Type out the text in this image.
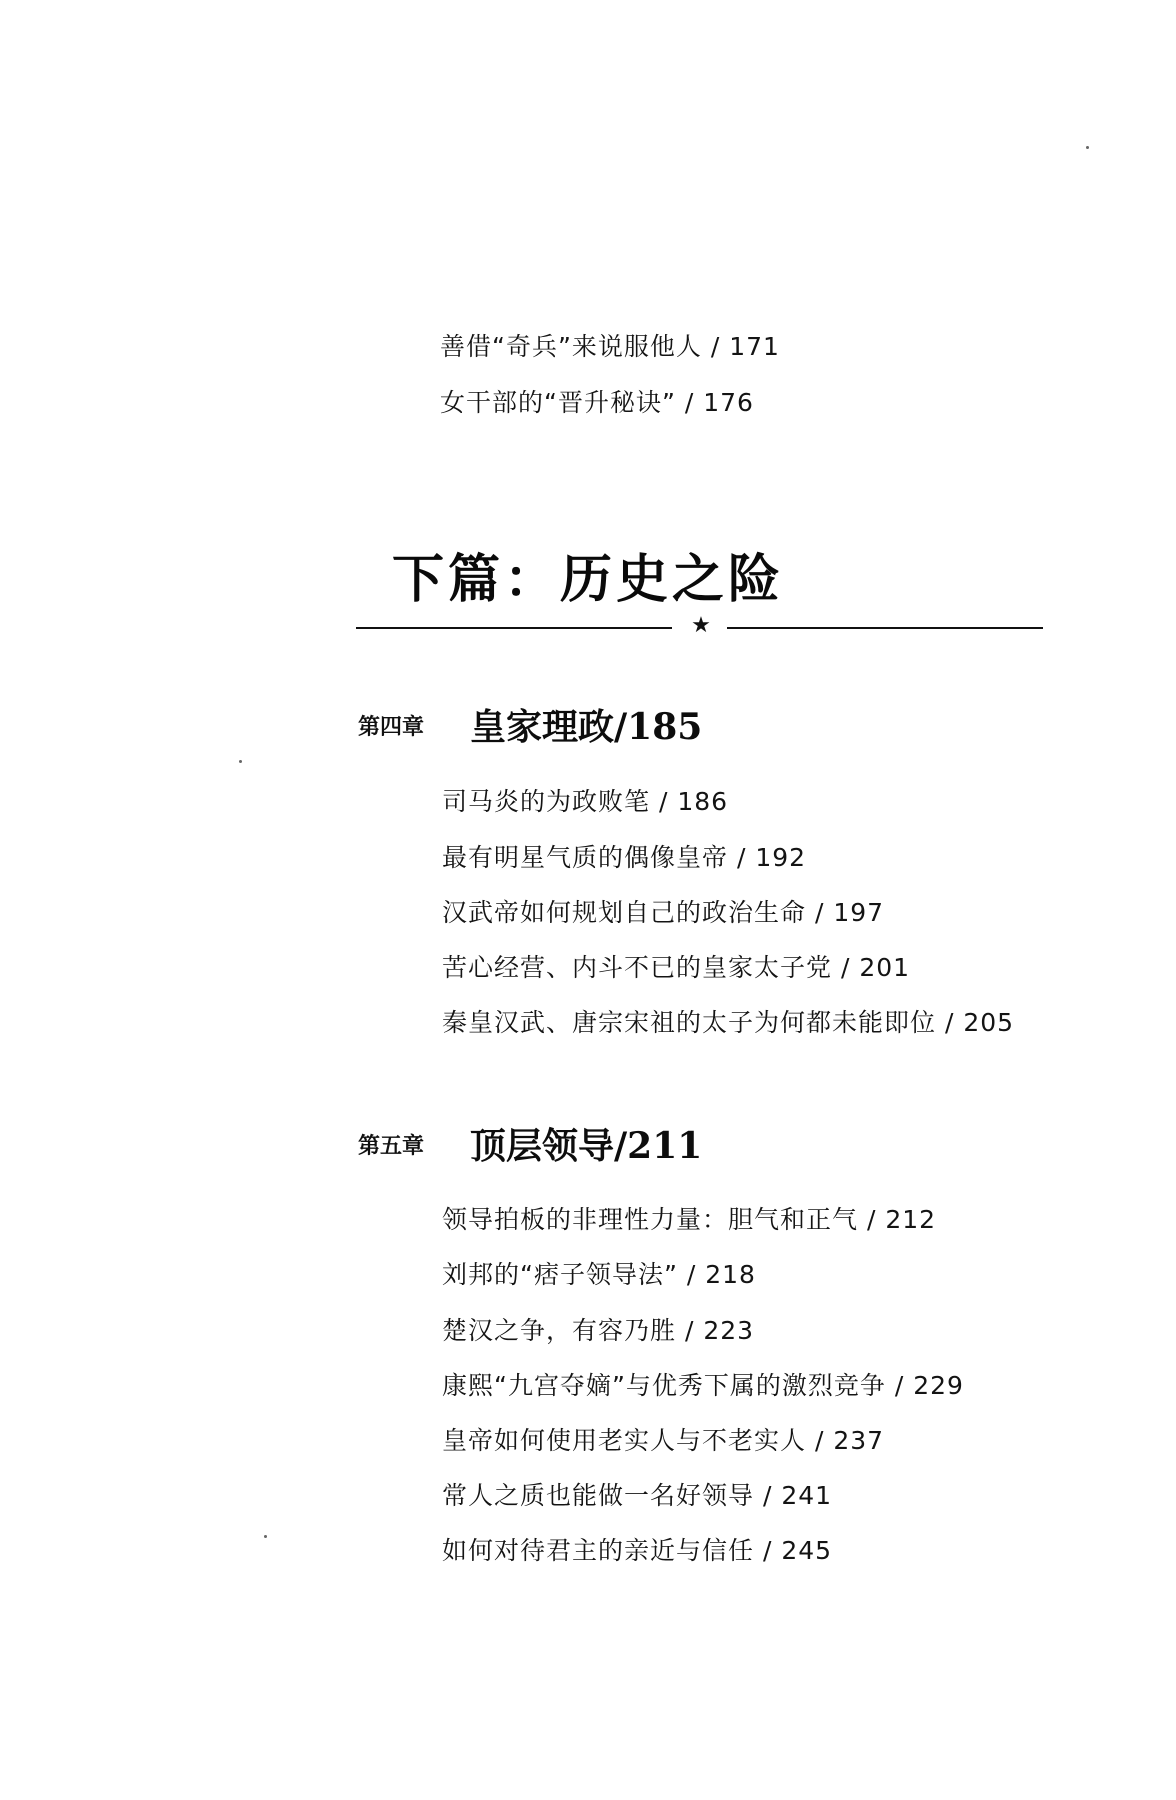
善借“奇兵”来说服他人 / 171

女干部的“晋升秘诀” / 176

下篇：历史之险
★

第四章 皇家理政/185

司马炎的为政败笔 / 186

最有明星气质的偶像皇帝 / 192

汉武帝如何规划自己的政治生命 / 197

苦心经营、内斗不已的皇家太子党 / 201

秦皇汉武、唐宗宋祖的太子为何都未能即位 / 205

第五章 顶层领导/211

领导拍板的非理性力量：胆气和正气 / 212

刘邦的“痞子领导法” / 218

楚汉之争，有容乃胜 / 223

康熙“九宫夺嫡”与优秀下属的激烈竞争 / 229

皇帝如何使用老实人与不老实人 / 237

常人之质也能做一名好领导 / 241

如何对待君主的亲近与信任 / 245
